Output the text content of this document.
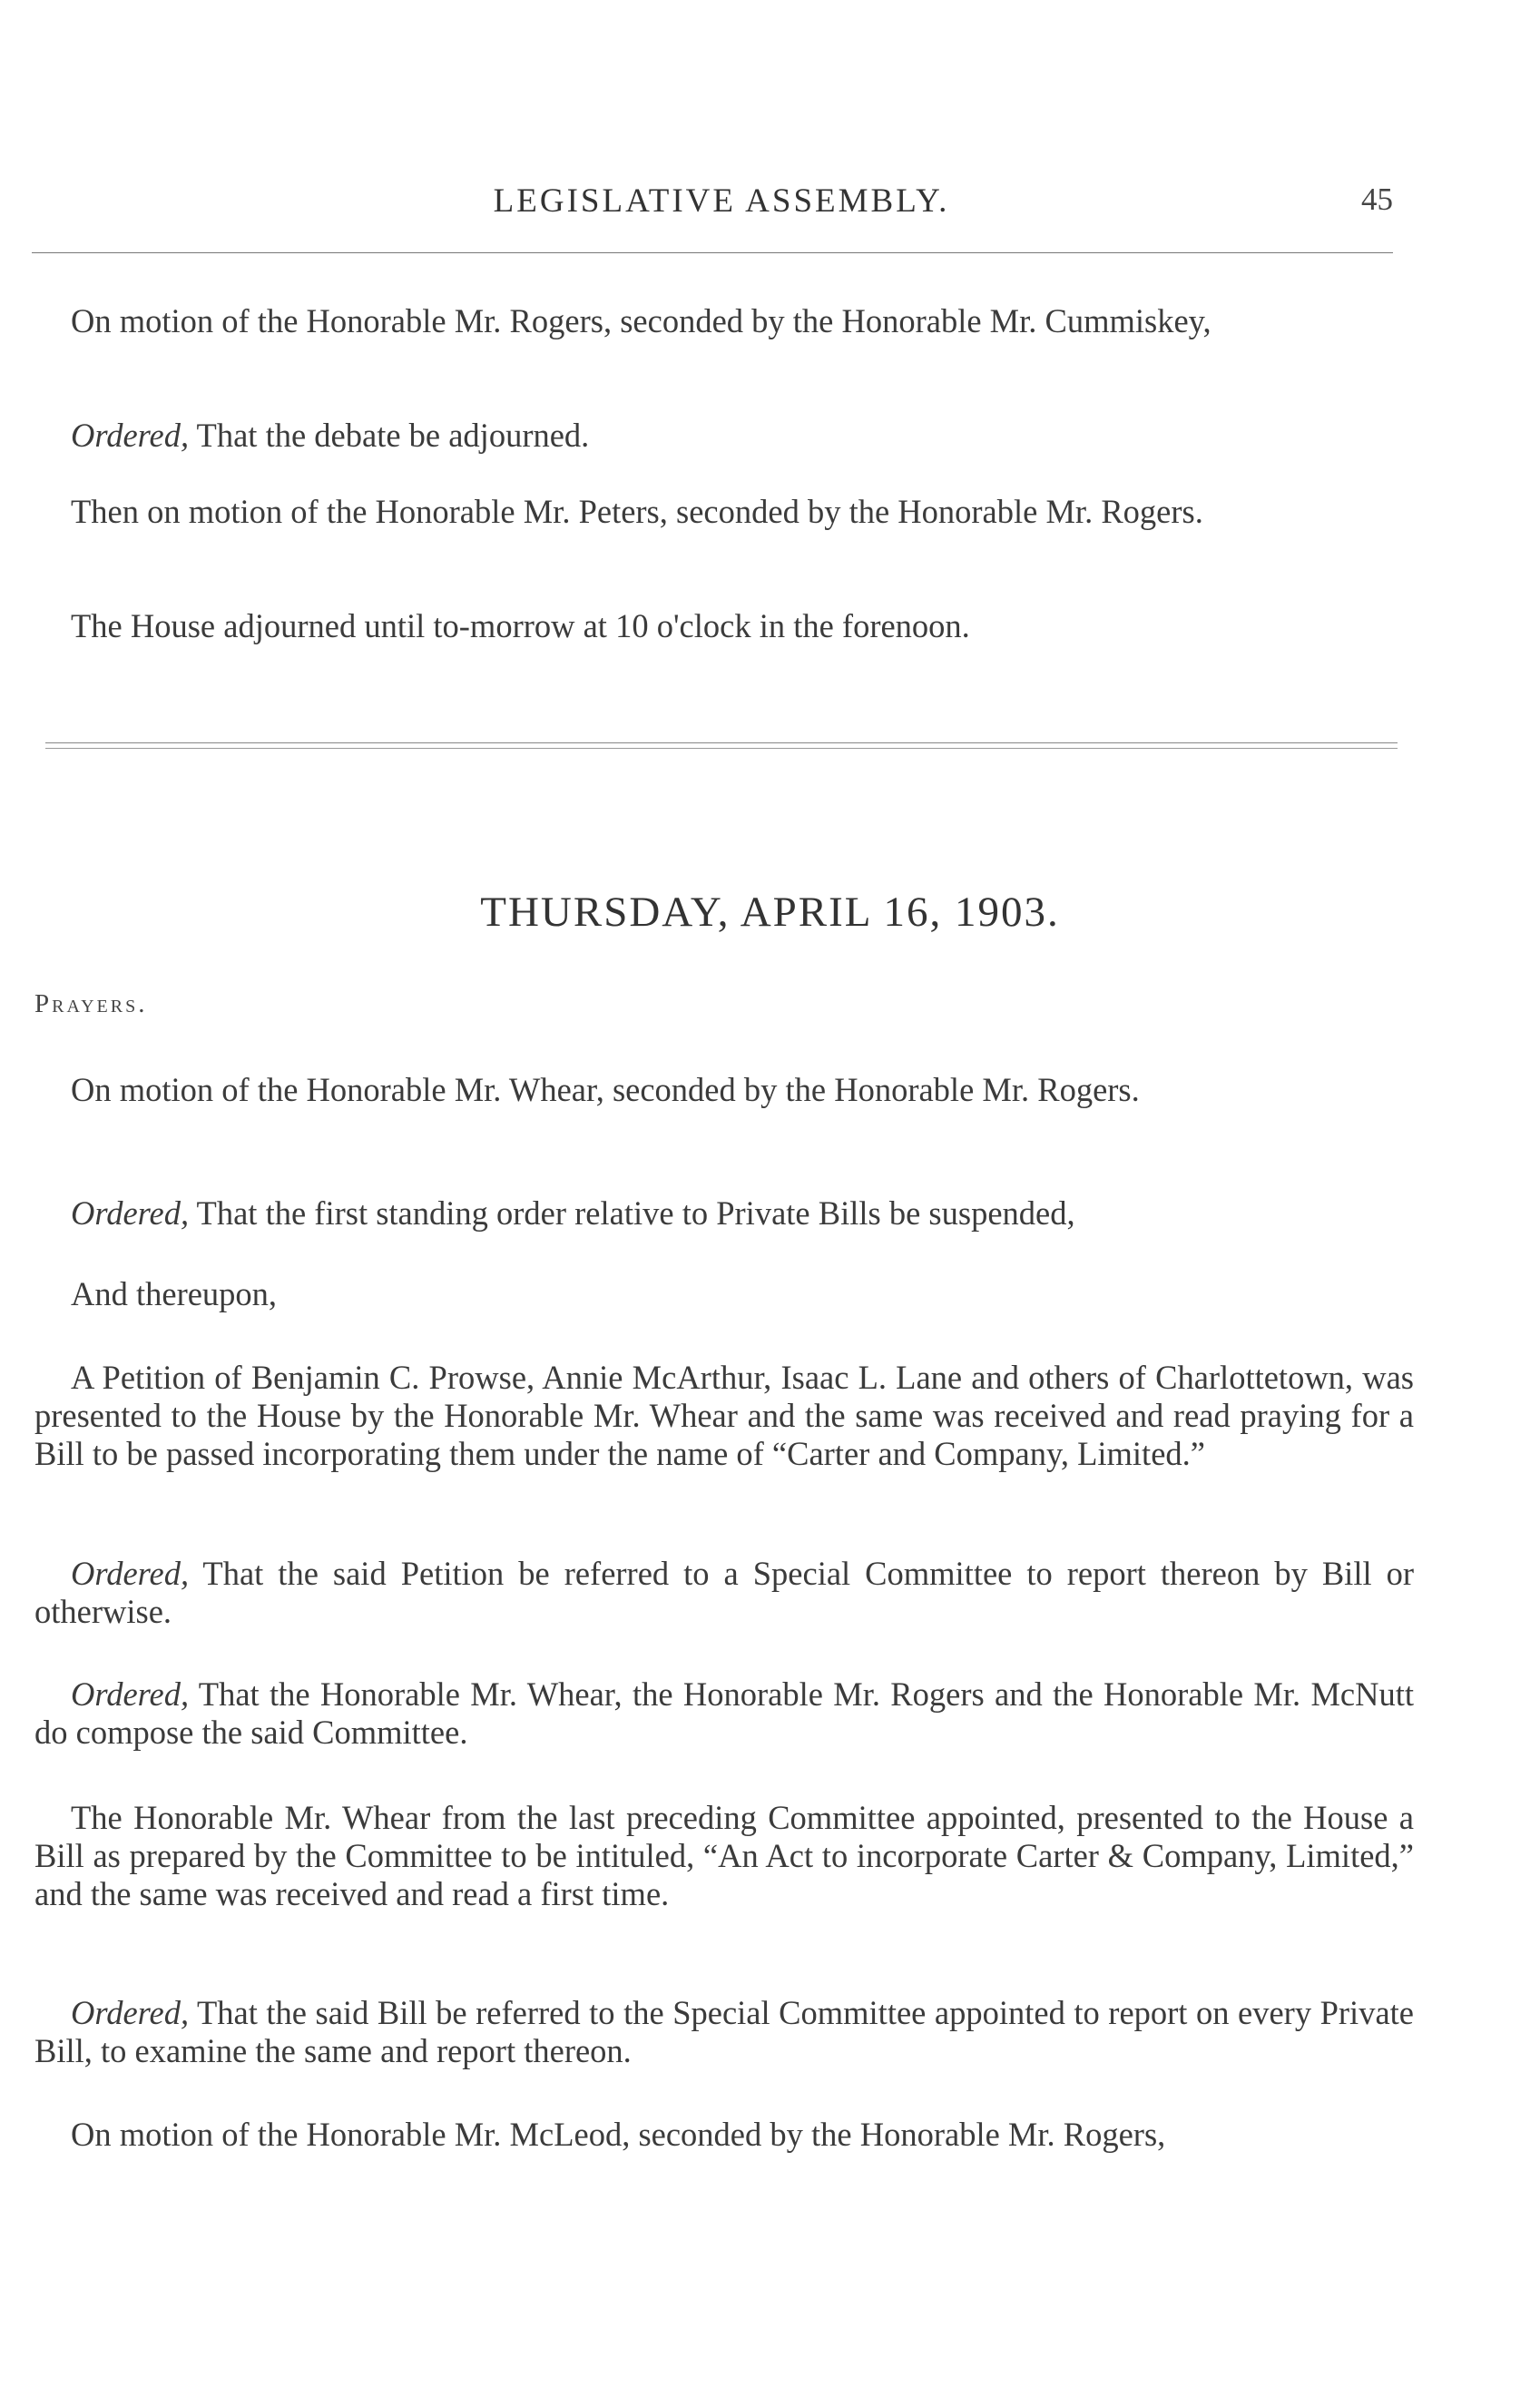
LEGISLATIVE ASSEMBLY.	45

On motion of the Honorable Mr. Rogers, seconded by the Honorable Mr. Cummiskey,

Ordered, That the debate be adjourned.

Then on motion of the Honorable Mr. Peters, seconded by the Honorable Mr. Rogers.

The House adjourned until to-morrow at 10 o'clock in the forenoon.

THURSDAY, APRIL 16, 1903.
Prayers.

On motion of the Honorable Mr. Whear, seconded by the Honorable Mr. Rogers.

Ordered, That the first standing order relative to Private Bills be suspended,

And thereupon,

A Petition of Benjamin C. Prowse, Annie McArthur, Isaac L. Lane and others of Charlottetown, was presented to the House by the Honorable Mr. Whear and the same was received and read praying for a Bill to be passed incorporating them under the name of “Carter and Company, Limited.”

Ordered, That the said Petition be referred to a Special Committee to report thereon by Bill or otherwise.

Ordered, That the Honorable Mr. Whear, the Honorable Mr. Rogers and the Honorable Mr. McNutt do compose the said Committee.

The Honorable Mr. Whear from the last preceding Committee appointed, presented to the House a Bill as prepared by the Committee to be intituled, “An Act to incorporate Carter & Company, Limited,” and the same was received and read a first time.

Ordered, That the said Bill be referred to the Special Committee appointed to report on every Private Bill, to examine the same and report thereon.

On motion of the Honorable Mr. McLeod, seconded by the Honorable Mr. Rogers,
